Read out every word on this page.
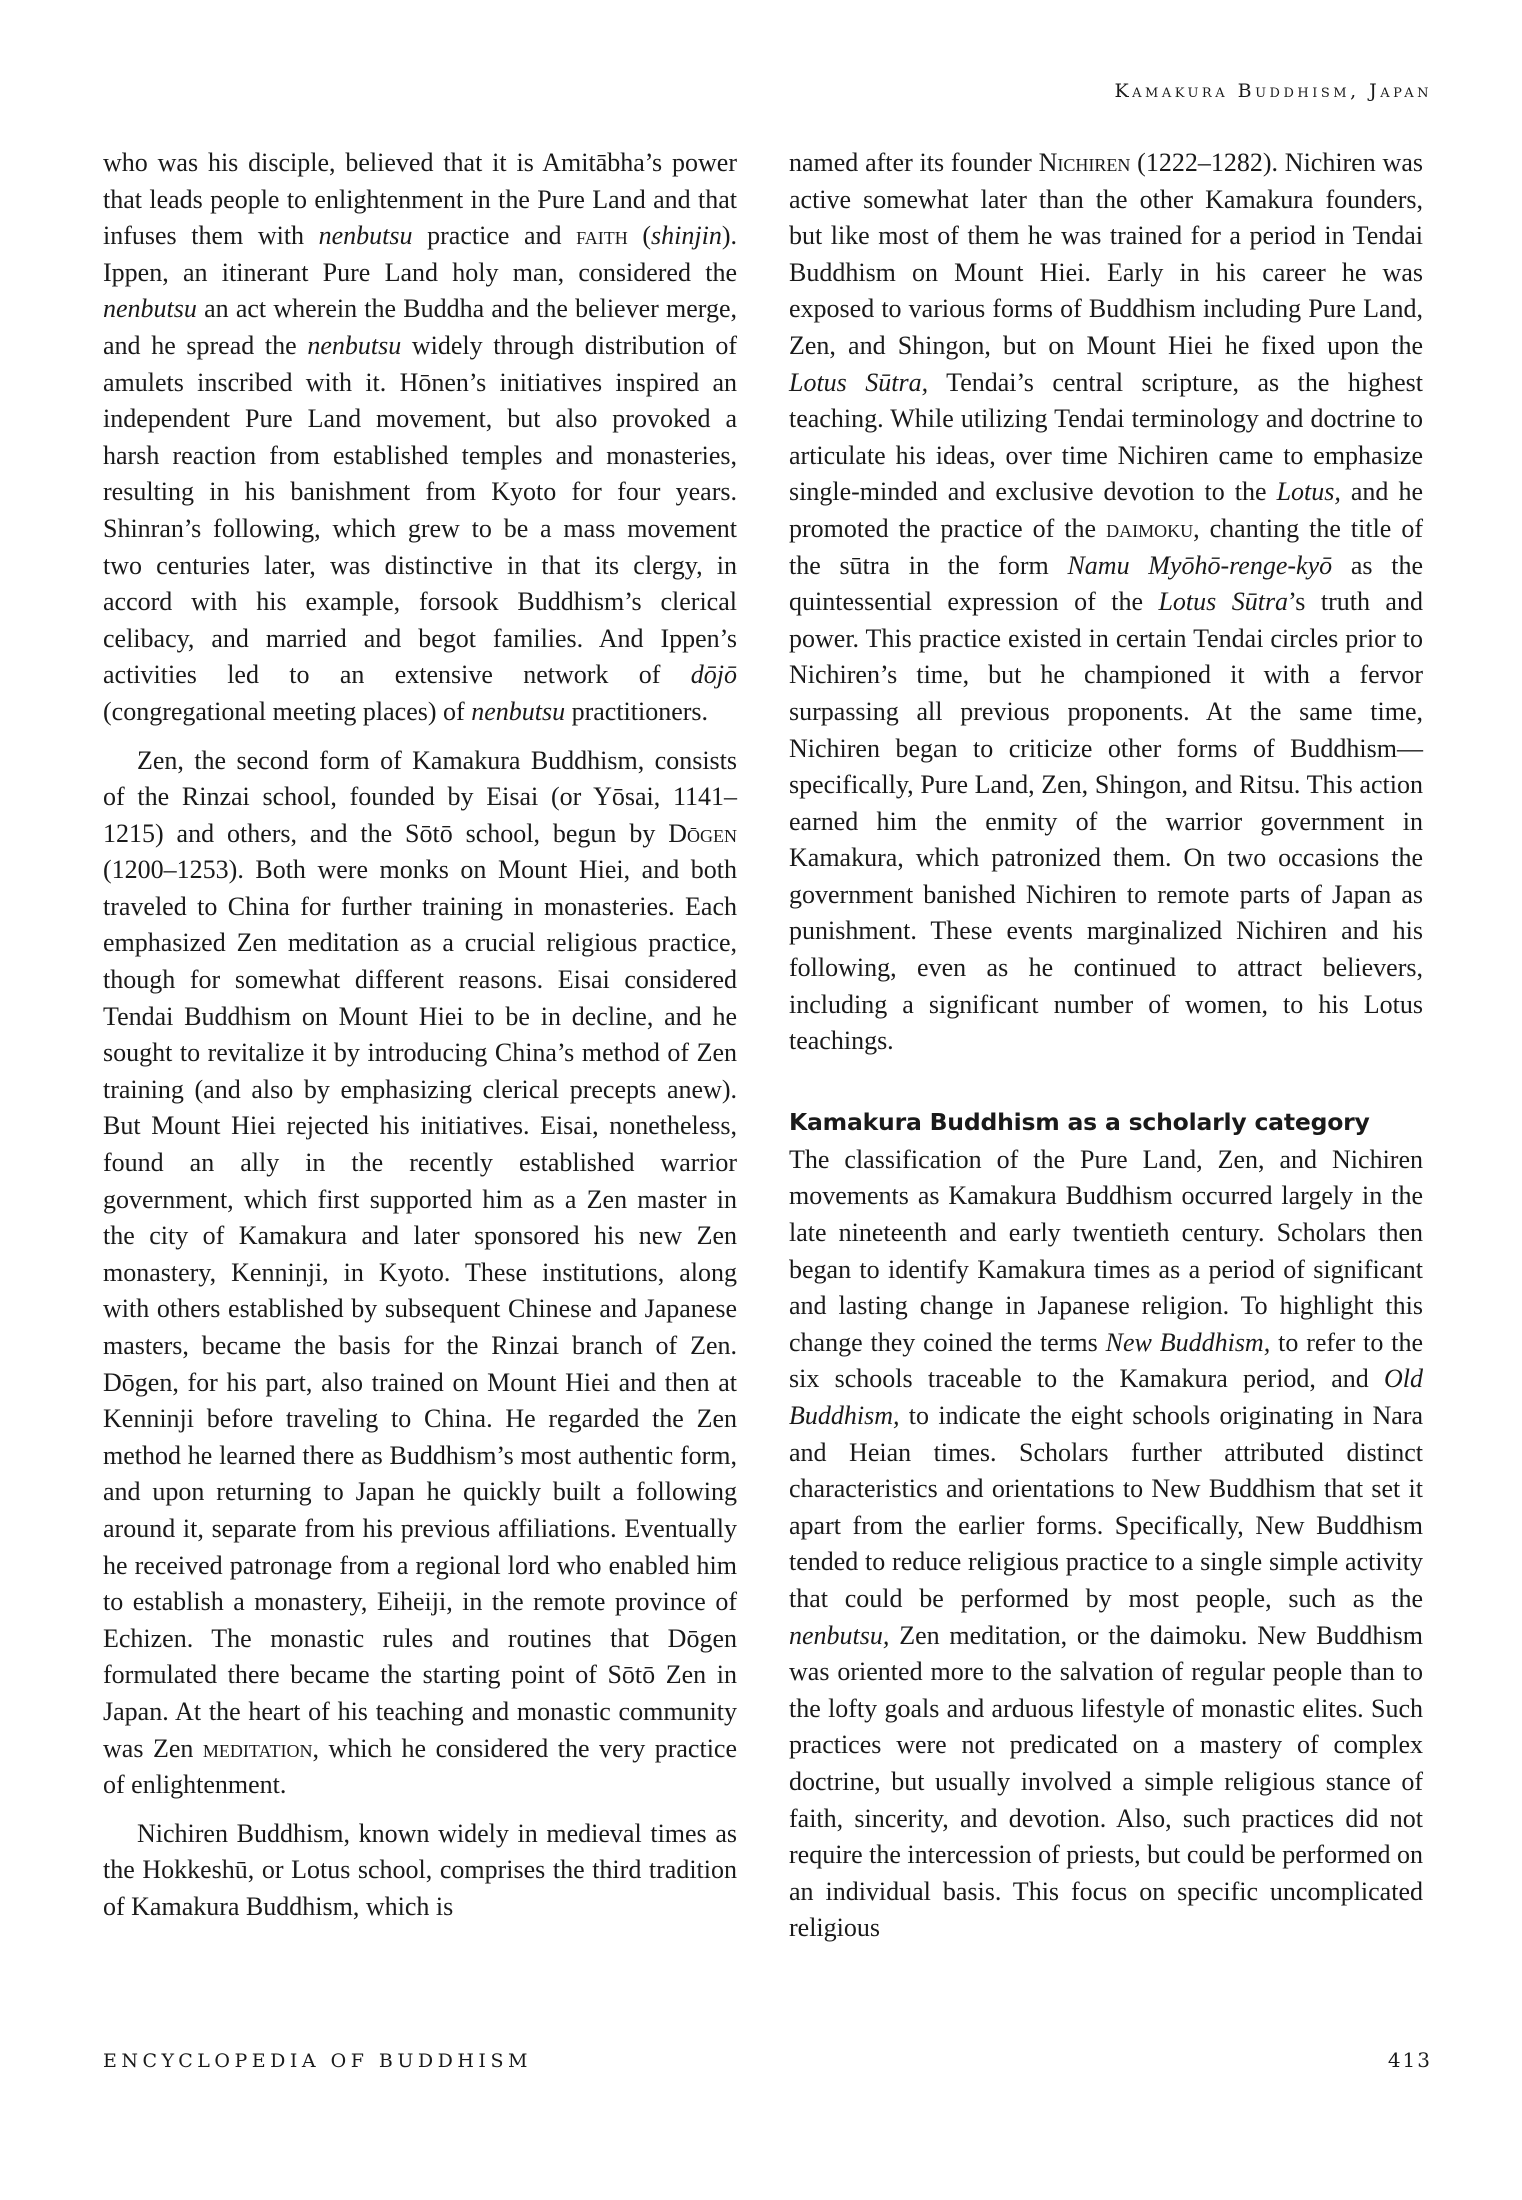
Kamakura Buddhism, Japan

who was his disciple, believed that it is Amitābha’s power that leads people to enlightenment in the Pure Land and that infuses them with nenbutsu practice and faith (shinjin). Ippen, an itinerant Pure Land holy man, considered the nenbutsu an act wherein the Buddha and the believer merge, and he spread the nenbutsu widely through distribution of amulets inscribed with it. Hōnen’s initiatives inspired an independent Pure Land movement, but also provoked a harsh reaction from established temples and monasteries, resulting in his banishment from Kyoto for four years. Shinran’s following, which grew to be a mass movement two centuries later, was distinctive in that its clergy, in accord with his example, forsook Buddhism’s clerical celibacy, and married and begot families. And Ippen’s activities led to an extensive network of dōjō (congregational meeting places) of nenbutsu practitioners.

Zen, the second form of Kamakura Buddhism, consists of the Rinzai school, founded by Eisai (or Yōsai, 1141–1215) and others, and the Sōtō school, begun by Dōgen (1200–1253). Both were monks on Mount Hiei, and both traveled to China for further training in monasteries. Each emphasized Zen meditation as a crucial religious practice, though for somewhat different reasons. Eisai considered Tendai Buddhism on Mount Hiei to be in decline, and he sought to revitalize it by introducing China’s method of Zen training (and also by emphasizing clerical precepts anew). But Mount Hiei rejected his initiatives. Eisai, nonetheless, found an ally in the recently established warrior government, which first supported him as a Zen master in the city of Kamakura and later sponsored his new Zen monastery, Kenninji, in Kyoto. These institutions, along with others established by subsequent Chinese and Japanese masters, became the basis for the Rinzai branch of Zen. Dōgen, for his part, also trained on Mount Hiei and then at Kenninji before traveling to China. He regarded the Zen method he learned there as Buddhism’s most authentic form, and upon returning to Japan he quickly built a following around it, separate from his previous affiliations. Eventually he received patronage from a regional lord who enabled him to establish a monastery, Eiheiji, in the remote province of Echizen. The monastic rules and routines that Dōgen formulated there became the starting point of Sōtō Zen in Japan. At the heart of his teaching and monastic community was Zen meditation, which he considered the very practice of enlightenment.

Nichiren Buddhism, known widely in medieval times as the Hokkeshū, or Lotus school, comprises the third tradition of Kamakura Buddhism, which is

named after its founder Nichiren (1222–1282). Nichiren was active somewhat later than the other Kamakura founders, but like most of them he was trained for a period in Tendai Buddhism on Mount Hiei. Early in his career he was exposed to various forms of Buddhism including Pure Land, Zen, and Shingon, but on Mount Hiei he fixed upon the Lotus Sūtra, Tendai’s central scripture, as the highest teaching. While utilizing Tendai terminology and doctrine to articulate his ideas, over time Nichiren came to emphasize single-minded and exclusive devotion to the Lotus, and he promoted the practice of the daimoku, chanting the title of the sūtra in the form Namu Myōhō-renge-kyō as the quintessential expression of the Lotus Sūtra’s truth and power. This practice existed in certain Tendai circles prior to Nichiren’s time, but he championed it with a fervor surpassing all previous proponents. At the same time, Nichiren began to criticize other forms of Buddhism—specifically, Pure Land, Zen, Shingon, and Ritsu. This action earned him the enmity of the warrior government in Kamakura, which patronized them. On two occasions the government banished Nichiren to remote parts of Japan as punishment. These events marginalized Nichiren and his following, even as he continued to attract believers, including a significant number of women, to his Lotus teachings.

Kamakura Buddhism as a scholarly category

The classification of the Pure Land, Zen, and Nichiren movements as Kamakura Buddhism occurred largely in the late nineteenth and early twentieth century. Scholars then began to identify Kamakura times as a period of significant and lasting change in Japanese religion. To highlight this change they coined the terms New Buddhism, to refer to the six schools traceable to the Kamakura period, and Old Buddhism, to indicate the eight schools originating in Nara and Heian times. Scholars further attributed distinct characteristics and orientations to New Buddhism that set it apart from the earlier forms. Specifically, New Buddhism tended to reduce religious practice to a single simple activity that could be performed by most people, such as the nenbutsu, Zen meditation, or the daimoku. New Buddhism was oriented more to the salvation of regular people than to the lofty goals and arduous lifestyle of monastic elites. Such practices were not predicated on a mastery of complex doctrine, but usually involved a simple religious stance of faith, sincerity, and devotion. Also, such practices did not require the intercession of priests, but could be performed on an individual basis. This focus on specific uncomplicated religious

ENCYCLOPEDIA OF BUDDHISM	413
